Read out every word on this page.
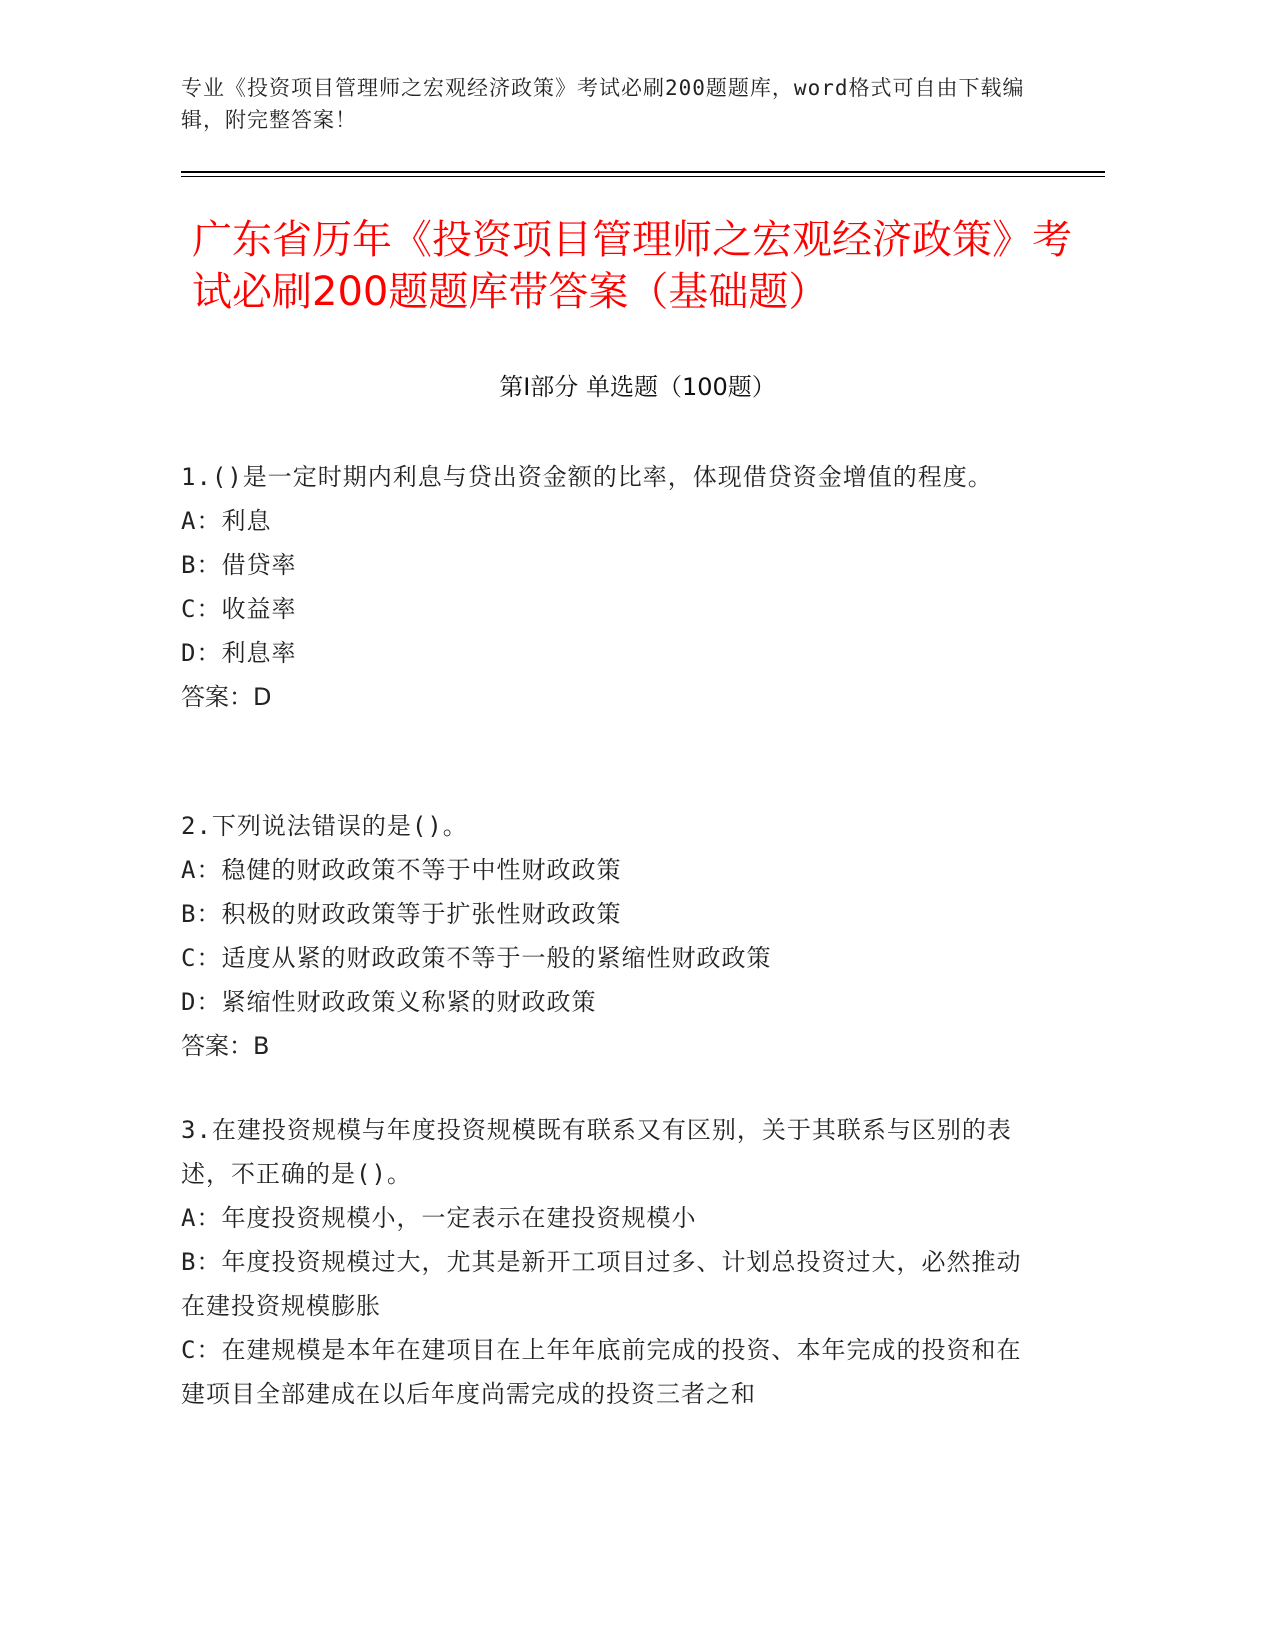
专业《投资项目管理师之宏观经济政策》考试必刷200题题库，word格式可自由下载编辑，附完整答案！
广东省历年《投资项目管理师之宏观经济政策》考试必刷200题题库带答案（基础题）
第I部分 单选题（100题）

1.()是一定时期内利息与贷出资金额的比率，体现借贷资金增值的程度。

A：利息

B：借贷率

C：收益率

D：利息率

答案：D

2.下列说法错误的是()。

A：稳健的财政政策不等于中性财政政策

B：积极的财政政策等于扩张性财政政策

C：适度从紧的财政政策不等于一般的紧缩性财政政策

D：紧缩性财政政策义称紧的财政政策

答案：B

3.在建投资规模与年度投资规模既有联系又有区别，关于其联系与区别的表述，不正确的是()。

A：年度投资规模小，一定表示在建投资规模小

B：年度投资规模过大，尤其是新开工项目过多、计划总投资过大，必然推动在建投资规模膨胀

C：在建规模是本年在建项目在上年年底前完成的投资、本年完成的投资和在建项目全部建成在以后年度尚需完成的投资三者之和
